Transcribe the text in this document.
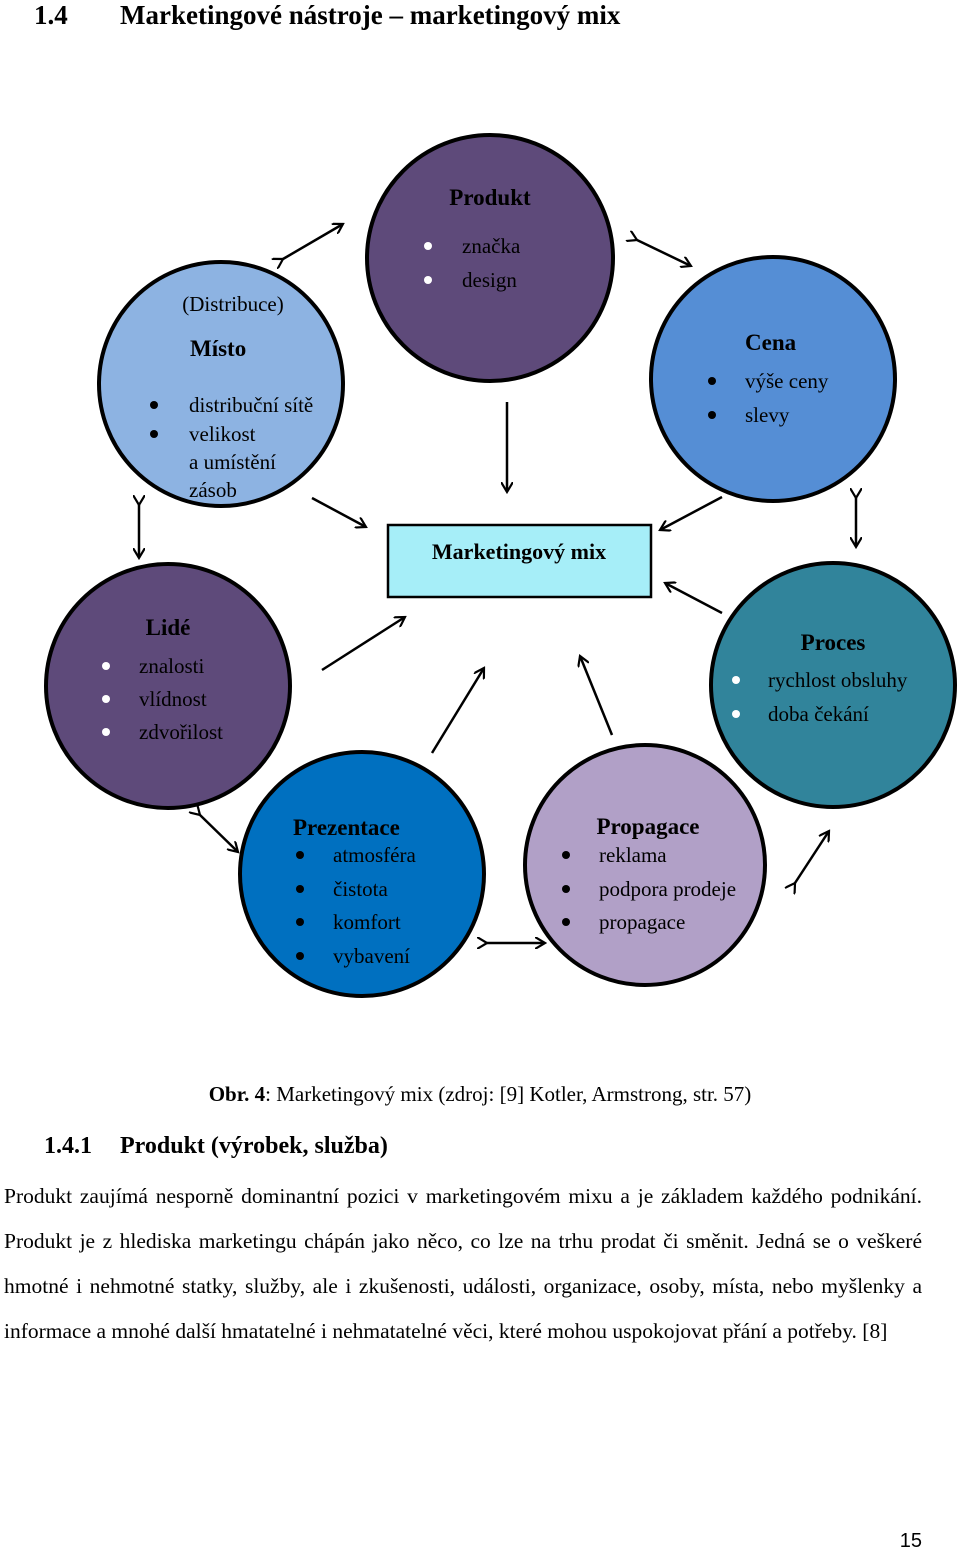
1.4 Marketingové nástroje – marketingový mix
Marketingový mix
Produkt
značka
design
(Distribuce)
Místo
distribuční sítě
velikost
a umístění
zásob
Cena
výše ceny
slevy
Lidé
znalosti
vlídnost
zdvořilost
Proces
rychlost obsluhy
doba čekání
Prezentace
atmosféra
čistota
komfort
vybavení
Propagace
reklama
podpora prodeje
propagace
Obr. 4: Marketingový mix (zdroj: [9] Kotler, Armstrong, str. 57)
1.4.1 Produkt (výrobek, služba)

Produkt zaujímá nesporně dominantní pozici v marketingovém mixu a je základem každého podnikání. Produkt je z hlediska marketingu chápán jako něco, co lze na trhu prodat či směnit. Jedná se o veškeré hmotné i nehmotné statky, služby, ale i zkušenosti, události, organizace, osoby, místa, nebo myšlenky a informace a mnohé další hmatatelné i nehmatatelné věci, které mohou uspokojovat přání a potřeby. [8]

15
